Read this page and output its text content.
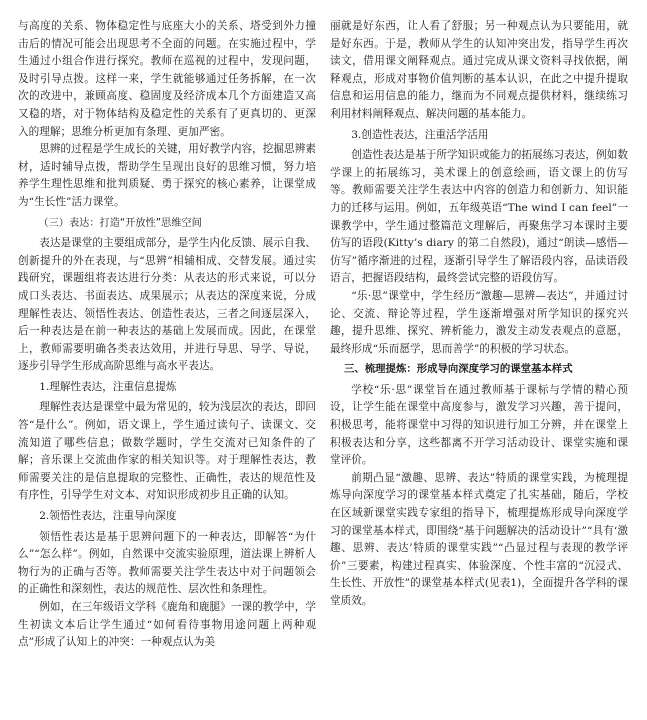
与高度的关系、物体稳定性与底座大小的关系、塔受到外力撞击后的情况可能会出现思考不全面的问题。在实施过程中，学生通过小组合作进行探究。教师在巡视的过程中，发现问题，及时引导点拨。这样一来，学生就能够通过任务拆解，在一次次的改进中，兼顾高度、稳固度及经济成本几个方面建造又高又稳的塔，对于物体结构及稳定性的关系有了更真切的、更深入的理解；思维分析更加有条理、更加严密。

思辨的过程是学生成长的关键，用好教学内容，挖掘思辨素材，适时辅导点拨，帮助学生呈现出良好的思维习惯，努力培养学生理性思维和批判质疑、勇于探究的核心素养，让课堂成为“生长性”活力课堂。

（三）表达：打造“开放性”思维空间

表达是课堂的主要组成部分，是学生内化反馈、展示自我、创新提升的外在表现，与“思辨”相辅相成、交替发展。通过实践研究，课题组将表达进行分类：从表达的形式来说，可以分成口头表达、书面表达、成果展示；从表达的深度来说，分成理解性表达、领悟性表达、创造性表达，三者之间逐层深入，后一种表达是在前一种表达的基础上发展而成。因此，在课堂上，教师需要明确各类表达效用，并进行导思、导学、导说，逐步引导学生形成高阶思维与高水平表达。

1.理解性表达，注重信息提炼

理解性表达是课堂中最为常见的，较为浅层次的表达，即回答“是什么”。例如，语文课上，学生通过读句子、读课文、交流知道了哪些信息；做数学题时，学生交流对已知条件的了解；音乐课上交流曲作家的相关知识等。对于理解性表达，教师需要关注的是信息提取的完整性、正确性，表达的规范性及有序性，引导学生对文本、对知识形成初步且正确的认知。

2.领悟性表达，注重导向深度

领悟性表达是基于思辨问题下的一种表达，即解答“为什么”“怎么样”。例如，自然课中交流实验原理，道法课上辨析人物行为的正确与否等。教师需要关注学生表达中对于问题领会的正确性和深刻性，表达的规范性、层次性和条理性。

例如，在三年级语文学科《鹿角和鹿腿》一课的教学中，学生初读文本后让学生通过“如何看待事物用途问题上两种观点”形成了认知上的冲突：一种观点认为美

丽就是好东西，让人看了舒服；另一种观点认为只要能用，就是好东西。于是，教师从学生的认知冲突出发，指导学生再次读文，借用课文阐释观点。通过完成从课文资料寻找依据，阐释观点，形成对事物价值判断的基本认识，在此之中提升提取信息和运用信息的能力，继而为不同观点提供材料，继续练习利用材料阐释观点、解决问题的基本能力。

3.创造性表达，注重活学活用

创造性表达是基于所学知识或能力的拓展练习表达，例如数学课上的拓展练习，美术课上的创意绘画，语文课上的仿写等。教师需要关注学生表达中内容的创造力和创新力、知识能力的迁移与运用。例如，五年级英语“The wind I can feel”一课教学中，学生通过整篇范文理解后，再聚焦学习本课时主要仿写的语段(Kitty’s diary 的第二自然段)，通过“朗读—感悟—仿写”循序渐进的过程，逐渐引导学生了解语段内容，品读语段语言，把握语段结构，最终尝试完整的语段仿写。

“乐·思”课堂中，学生经历“激趣—思辨—表达”，并通过讨论、交流、辩论等过程，学生逐渐增强对所学知识的探究兴趣，提升思维、探究、辨析能力，激发主动发表观点的意愿，最终形成“乐而愿学，思而善学”的积极的学习状态。

三、梳理提炼：形成导向深度学习的课堂基本样式

学校“乐·思”课堂旨在通过教师基于课标与学情的精心预设，让学生能在课堂中高度参与，激发学习兴趣，善于提问，积极思考，能将课堂中习得的知识进行加工分辨，并在课堂上积极表达和分享，这些都离不开学习活动设计、课堂实施和课堂评价。

前期凸显“激趣、思辨、表达”特质的课堂实践，为梳理提炼导向深度学习的课堂基本样式奠定了扎实基础，随后，学校在区域新课堂实践专家组的指导下，梳理提炼形成导向深度学习的课堂基本样式，即围绕“基于问题解决的活动设计”“具有‘激趣、思辨、表达’特质的课堂实践”“凸显过程与表现的教学评价”三要素，构建过程真实、体验深度、个性丰富的“沉浸式、生长性、开放性”的课堂基本样式(见表1)，全面提升各学科的课堂质效。
